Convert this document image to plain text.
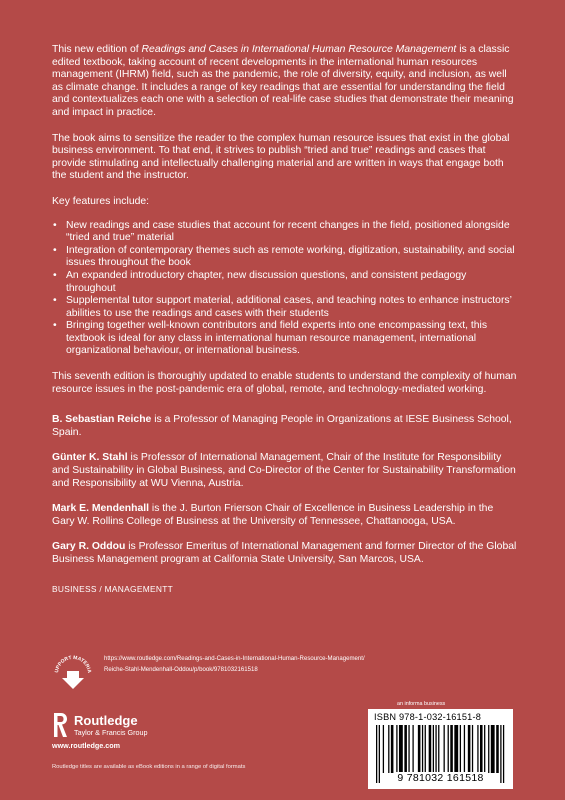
This new edition of Readings and Cases in International Human Resource Management is a classic edited textbook, taking account of recent developments in the international human resources management (IHRM) field, such as the pandemic, the role of diversity, equity, and inclusion, as well as climate change. It includes a range of key readings that are essential for understanding the field and contextualizes each one with a selection of real-life case studies that demonstrate their meaning and impact in practice.

The book aims to sensitize the reader to the complex human resource issues that exist in the global business environment. To that end, it strives to publish “tried and true” readings and cases that provide stimulating and intellectually challenging material and are written in ways that engage both the student and the instructor.

Key features include:

• New readings and case studies that account for recent changes in the field, positioned alongside “tried and true” material
• Integration of contemporary themes such as remote working, digitization, sustainability, and social issues throughout the book
• An expanded introductory chapter, new discussion questions, and consistent pedagogy throughout
• Supplemental tutor support material, additional cases, and teaching notes to enhance instructors’ abilities to use the readings and cases with their students
• Bringing together well-known contributors and field experts into one encompassing text, this textbook is ideal for any class in international human resource management, international organizational behaviour, or international business.

This seventh edition is thoroughly updated to enable students to understand the complexity of human resource issues in the post-pandemic era of global, remote, and technology-mediated working.

B. Sebastian Reiche is a Professor of Managing People in Organizations at IESE Business School, Spain.

Günter K. Stahl is Professor of International Management, Chair of the Institute for Responsibility and Sustainability in Global Business, and Co-Director of the Center for Sustainability Transformation and Responsibility at WU Vienna, Austria.

Mark E. Mendenhall is the J. Burton Frierson Chair of Excellence in Business Leadership in the Gary W. Rollins College of Business at the University of Tennessee, Chattanooga, USA.

Gary R. Oddou is Professor Emeritus of International Management and former Director of the Global Business Management program at California State University, San Marcos, USA.

BUSINESS / MANAGEMENTT
UPPORT MATERIA
https://www.routledge.com/Readings-and-Cases-in-International-Human-Resource-Management/
Reiche-Stahl-Mendenhall-Oddou/p/book/9781032161518
Routledge
Taylor & Francis Group
www.routledge.com
Routledge titles are available as eBook editions in a range of digital formats
an informa business
ISBN 978-1-032-16151-8
9 781032 161518
